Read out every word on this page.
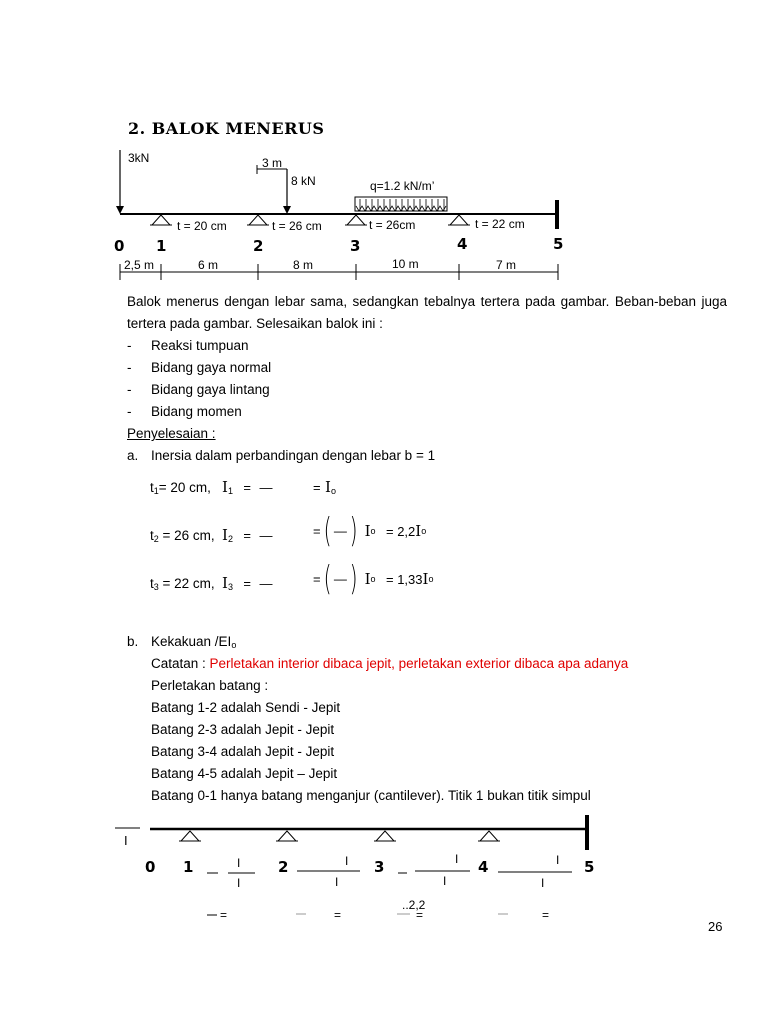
2. BALOK MENERUS
3kN	3 m
8 kN	q=1.2 kN/m’
t = 20 cm	t = 26 cm	t = 26cm	t = 22 cm
0 1	2	3	4	5
2,5 m	6 m	8 m	10 m	7 m
Balok menerus dengan lebar sama, sedangkan tebalnya tertera pada gambar. Beban-beban juga tertera pada gambar. Selesaikan balok ini :
- Reaksi tumpuan
- Bidang gaya normal
- Bidang gaya lintang
- Bidang momen
Penyelesaian :
a. Inersia dalam perbandingan dengan lebar b = 1
$t_1= 20$ cm, $I_1$ = —	= $I_o$
$t_2 = 26$ cm, $I_2$ = —	=( —) Io = 2,2Io
$t_3 = 22$ cm, $I_3$ = —	=( —) Io = 1,33Io
b. Kekakuan $/EI_o$
Catatan : Perletakan interior dibaca jepit, perletakan exterior dibaca apa adanya
Perletakan batang :
Batang 1-2 adalah Sendi - Jepit
Batang 2-3 adalah Jepit - Jepit
Batang 3-4 adalah Jepit - Jepit
Batang 4-5 adalah Jepit – Jepit
Batang 0-1 hanya batang menganjur (cantilever). Titik 1 bukan titik simpul
I
0 1	2	3	4	5
I
I
I
I
I
I
I
I
=	=
..2,2
=	=
26
